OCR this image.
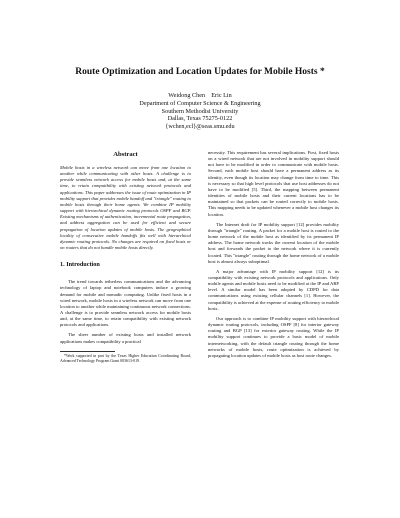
Route Optimization and Location Updates for Mobile Hosts *
Weidong Chen    Eric Lin
Department of Computer Science & Engineering
Southern Methodist University
Dallas, Texas 75275-0122
{wchen,ecl}@seas.smu.edu
Abstract
Mobile hosts in a wireless network can move from one location to another while communicating with other hosts. A challenge is to provide seamless network access for mobile hosts and, at the same time, to retain compatibility with existing network protocols and applications. This paper addresses the issue of route optimization in IP mobility support that provides mobile handoff and "triangle" routing to mobile hosts through their home agents. We combine IP mobility support with hierarchical dynamic routing protocols OSPF and BGP. Existing mechanisms of authentication, incremental route propagation, and address aggregation can be used for efficient and secure propagation of location updates of mobile hosts. The geographical locality of consecutive mobile handoffs fits well with hierarchical dynamic routing protocols. No changes are required on fixed hosts or on routers that do not handle mobile hosts directly.
1. Introduction

The trend towards tetherless communications and the advancing technology of laptop and notebook computers induce a growing demand for mobile and nomadic computing. Unlike fixed hosts in a wired network, mobile hosts in a wireless network can move from one location to another while maintaining continuous network connections. A challenge is to provide seamless network access for mobile hosts and, at the same time, to retain compatibility with existing network protocols and applications.

The sheer number of existing hosts and installed network applications makes compatibility a practical

*Work supported in part by the Texas Higher Education Coordinating Board, Advanced Technology Program Grant 003613-019.

necessity. This requirement has several implications. First, fixed hosts on a wired network that are not involved in mobility support should not have to be modified in order to communicate with mobile hosts. Second, each mobile host should have a permanent address as its identity, even though its location may change from time to time. This is necessary so that high level protocols that use host addresses do not have to be modified [5]. Third, the mapping between permanent identities of mobile hosts and their current locations has to be maintained so that packets can be routed correctly to mobile hosts. This mapping needs to be updated whenever a mobile host changes its location.

The Internet draft for IP mobility support [12] provides mobility through "triangle" routing. A packet for a mobile host is routed to the home network of the mobile host as identified by its permanent IP address. The home network tracks the current location of the mobile host and forwards the packet to the network where it is currently located. This "triangle" routing through the home network of a mobile host is almost always suboptimal.

A major advantage with IP mobility support [12] is its compatibility with existing network protocols and applications. Only mobile agents and mobile hosts need to be modified at the IP and ARP level. A similar model has been adopted by CDPD for data communications using existing cellular channels [1]. However, the compatibility is achieved at the expense of routing efficiency to mobile hosts.

Our approach is to combine IP mobility support with hierarchical dynamic routing protocols, including OSPF [8] for interior gateway routing and BGP [13] for exterior gateway routing. While the IP mobility support continues to provide a basic model of mobile internetworking, with the default triangle routing through the home networks of mobile hosts, route optimization is achieved by propagating location updates of mobile hosts as host route changes.
